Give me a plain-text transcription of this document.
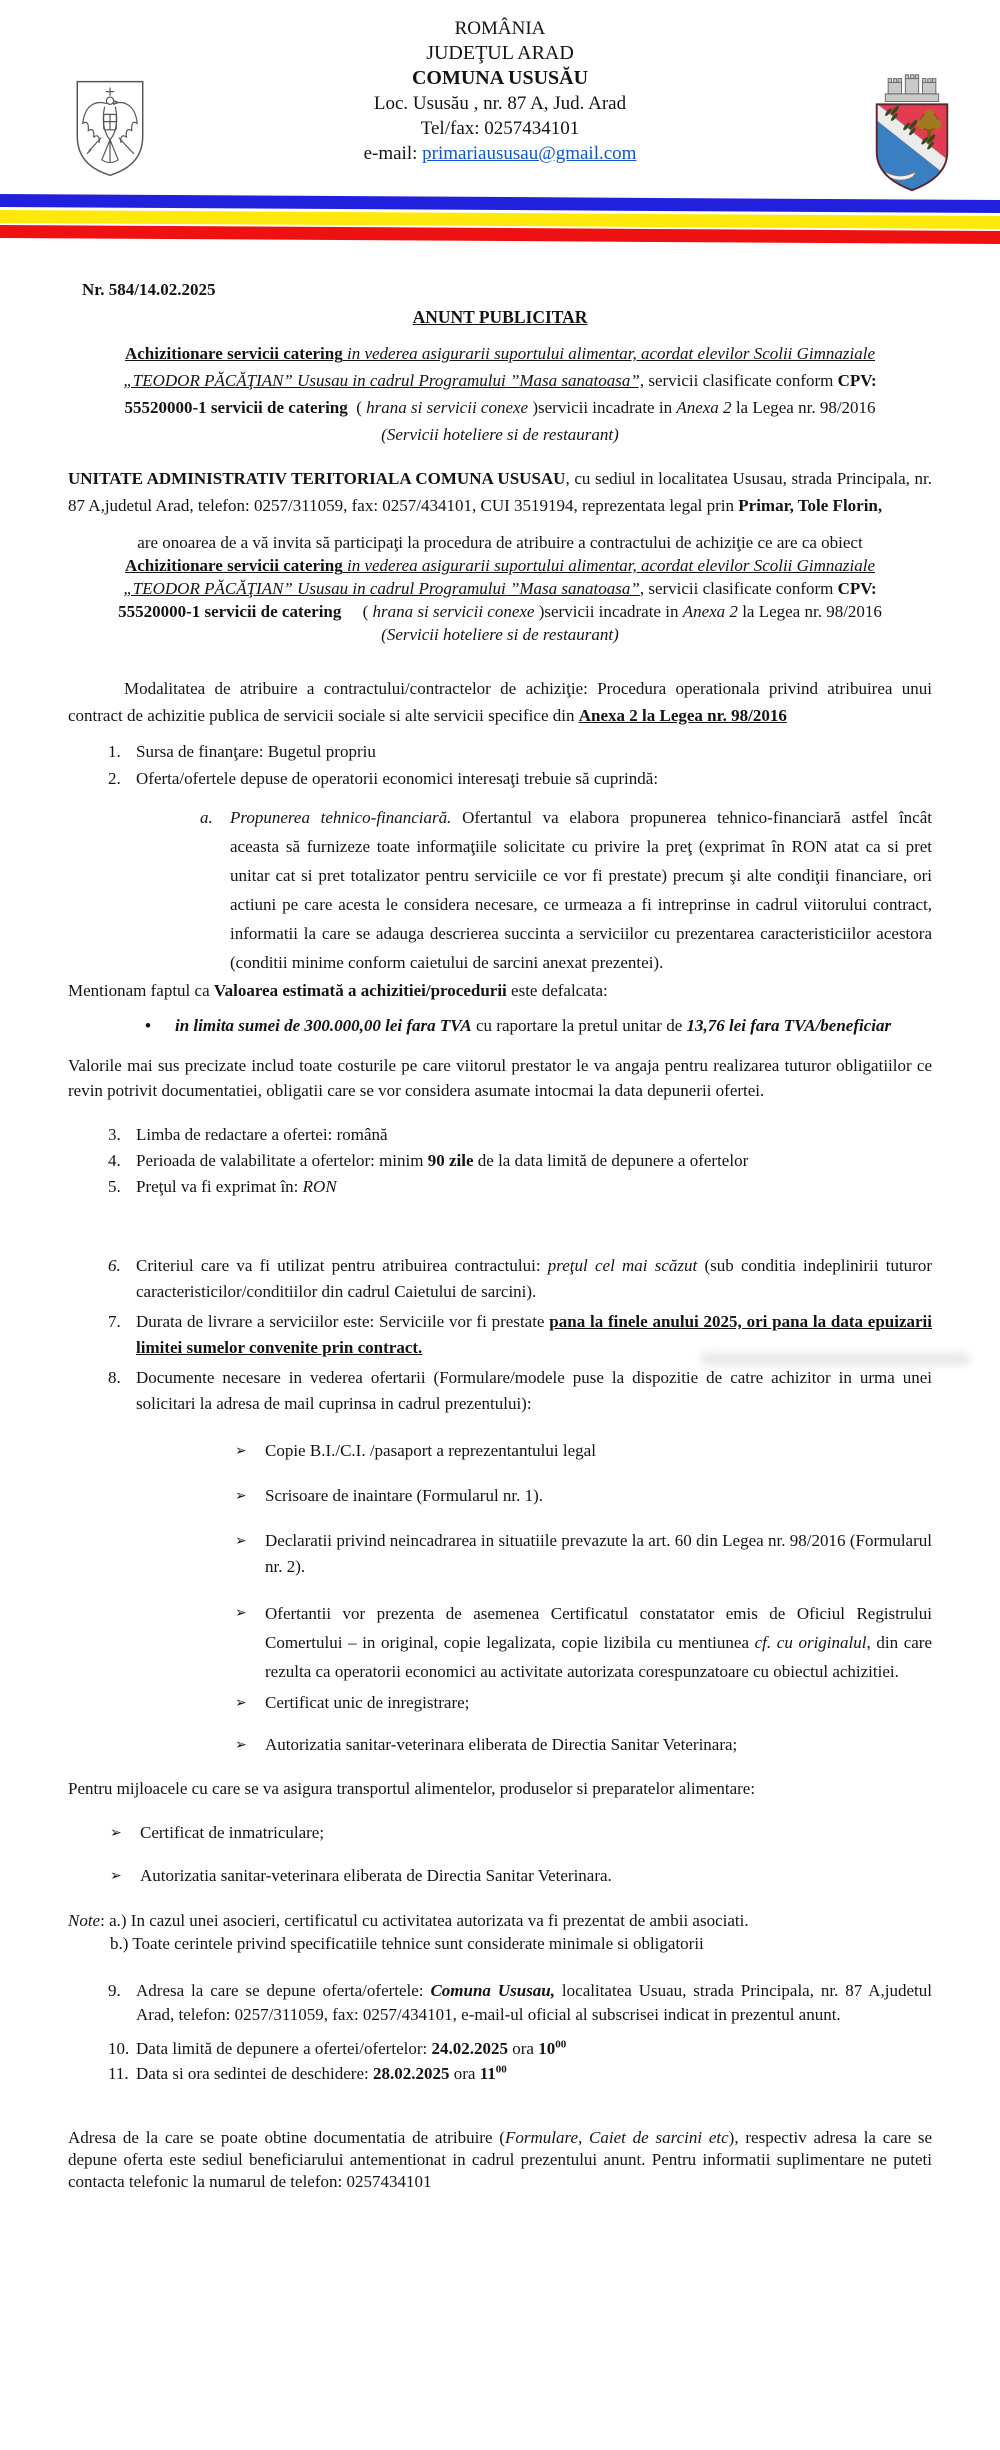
ROMÂNIA
JUDEŢUL ARAD
COMUNA USUSĂU
Loc. Ususău , nr. 87 A, Jud. Arad
Tel/fax: 0257434101
e-mail: primariaususau@gmail.com

Nr. 584/14.02.2025

ANUNT PUBLICITAR

Achizitionare servicii catering in vederea asigurarii suportului alimentar, acordat elevilor Scolii Gimnaziale „TEODOR PĂCĂŢIAN” Ususau in cadrul Programului ”Masa sanatoasa”, servicii clasificate conform CPV: 55520000-1 servicii de catering  ( hrana si servicii conexe )servicii incadrate in Anexa 2 la Legea nr. 98/2016 (Servicii hoteliere si de restaurant)

UNITATE ADMINISTRATIV TERITORIALA COMUNA USUSAU, cu sediul in localitatea Ususau, strada Principala, nr. 87 A,judetul Arad, telefon: 0257/311059, fax: 0257/434101, CUI 3519194, reprezentata legal prin Primar, Tole Florin,

are onoarea de a vă invita să participaţi la procedura de atribuire a contractului de achiziţie ce are ca obiect Achizitionare servicii catering in vederea asigurarii suportului alimentar, acordat elevilor Scolii Gimnaziale „TEODOR PĂCĂŢIAN” Ususau in cadrul Programului ”Masa sanatoasa”, servicii clasificate conform CPV: 55520000-1 servicii de catering     ( hrana si servicii conexe )servicii incadrate in Anexa 2 la Legea nr. 98/2016 (Servicii hoteliere si de restaurant)

Modalitatea de atribuire a contractului/contractelor de achiziţie: Procedura operationala privind atribuirea unui contract de achizitie publica de servicii sociale si alte servicii specifice din Anexa 2 la Legea nr. 98/2016

1. Sursa de finanţare: Bugetul propriu
2. Oferta/ofertele depuse de operatorii economici interesaţi trebuie să cuprindă:
a.	Propunerea tehnico-financiară. Ofertantul va elabora propunerea tehnico-financiară astfel încât aceasta să furnizeze toate informaţiile solicitate cu privire la preţ (exprimat în RON atat ca si pret unitar cat si pret totalizator pentru serviciile ce vor fi prestate) precum şi alte condiţii financiare, ori actiuni pe care acesta le considera necesare, ce urmeaza a fi intreprinse in cadrul viitorului contract, informatii la care se adauga descrierea succinta a serviciilor cu prezentarea caracteristiciilor acestora (conditii minime conform caietului de sarcini anexat prezentei).

Mentionam faptul ca Valoarea estimată a achizitiei/procedurii este defalcata:

•	in limita sumei de 300.000,00 lei fara TVA cu raportare la pretul unitar de 13,76 lei fara TVA/beneficiar

Valorile mai sus precizate includ toate costurile pe care viitorul prestator le va angaja pentru realizarea tuturor obligatiilor ce revin potrivit documentatiei, obligatii care se vor considera asumate intocmai la data depunerii ofertei.

3. Limba de redactare a ofertei: română
4. Perioada de valabilitate a ofertelor: minim 90 zile de la data limită de depunere a ofertelor
5. Preţul va fi exprimat în: RON
6. Criteriul care va fi utilizat pentru atribuirea contractului: preţul cel mai scăzut (sub conditia indeplinirii tuturor caracteristicilor/conditiilor din cadrul Caietului de sarcini).
7. Durata de livrare a serviciilor este: Serviciile vor fi prestate pana la finele anului 2025, ori pana la data epuizarii limitei sumelor convenite prin contract.
8. Documente necesare in vederea ofertarii (Formulare/modele puse la dispozitie de catre achizitor in urma unei solicitari la adresa de mail cuprinsa in cadrul prezentului):
➢	Copie B.I./C.I. /pasaport a reprezentantului legal
➢	Scrisoare de inaintare (Formularul nr. 1).
➢	Declaratii privind neincadrarea in situatiile prevazute la art. 60 din Legea nr. 98/2016 (Formularul nr. 2).
➢	Ofertantii vor prezenta de asemenea Certificatul constatator emis de Oficiul Registrului Comertului – in original, copie legalizata, copie lizibila cu mentiunea cf. cu originalul, din care rezulta ca operatorii economici au activitate autorizata corespunzatoare cu obiectul achizitiei.
➢	Certificat unic de inregistrare;
➢	Autorizatia sanitar-veterinara eliberata de Directia Sanitar Veterinara;

Pentru mijloacele cu care se va asigura transportul alimentelor, produselor si preparatelor alimentare:

➢	Certificat de inmatriculare;
➢	Autorizatia sanitar-veterinara eliberata de Directia Sanitar Veterinara.

Note: a.) In cazul unei asocieri, certificatul cu activitatea autorizata va fi prezentat de ambii asociati.

b.) Toate cerintele privind specificatiile tehnice sunt considerate minimale si obligatorii

9. Adresa la care se depune oferta/ofertele: Comuna Ususau, localitatea Usuau, strada Principala, nr. 87 A,judetul Arad, telefon: 0257/311059, fax: 0257/434101, e-mail-ul oficial al subscrisei indicat in prezentul anunt.
10. Data limită de depunere a ofertei/ofertelor: 24.02.2025 ora $10^{00}$
11. Data si ora sedintei de deschidere: 28.02.2025 ora $11^{00}$

Adresa de la care se poate obtine documentatia de atribuire (Formulare, Caiet de sarcini etc), respectiv adresa la care se depune oferta este sediul beneficiarului antementionat in cadrul prezentului anunt. Pentru informatii suplimentare ne puteti contacta telefonic la numarul de telefon: 0257434101
